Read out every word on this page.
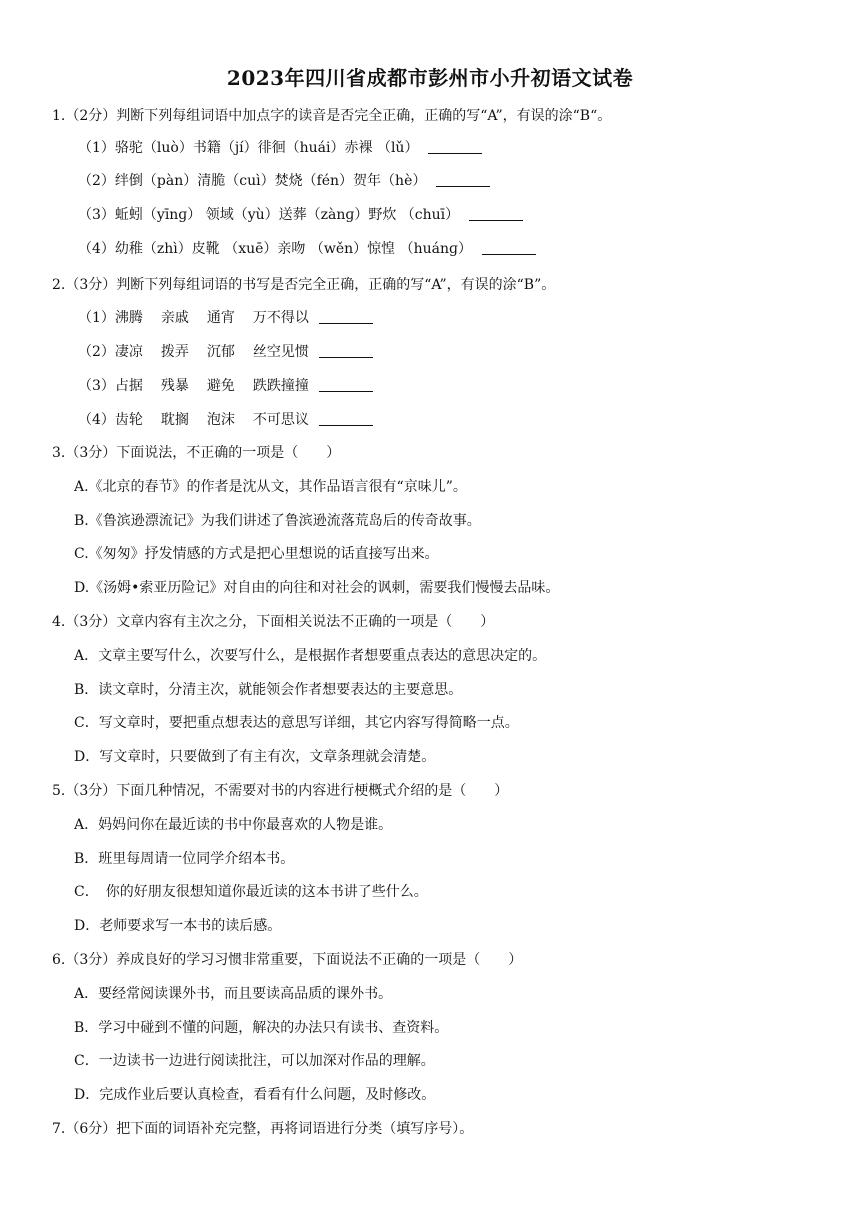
2023年四川省成都市彭州市小升初语文试卷
1.（2分）判断下列每组词语中加点字的读音是否完全正确，正确的写“A”，有误的涂“B“。
（1）骆驼（luò）书籍（jí）徘徊（huái）赤裸 （lǔ）
（2）绊倒（pàn）清脆（cuì）焚烧（fén）贺年（hè）
（3）蚯蚓（yīnɡ） 领域（yù）送葬（zànɡ）野炊 （chuī）
（4）幼稚（zhì）皮靴 （xuē）亲吻 （wěn）惊惶 （huánɡ）
2.（3分）判断下列每组词语的书写是否完全正确，正确的写“A”，有误的涂“B”。
（1）沸腾 亲戚 通宵 万不得以
（2）凄凉 拨弄 沉郁 丝空见惯
（3）占据 残暴 避免 跌跌撞撞
（4）齿轮 耽搁 泡沫 不可思议
3.（3分）下面说法，不正确的一项是（　　）
A.《北京的春节》的作者是沈从文，其作品语言很有“京味儿”。
B.《鲁滨逊漂流记》为我们讲述了鲁滨逊流落荒岛后的传奇故事。
C.《匆匆》抒发情感的方式是把心里想说的话直接写出来。
D.《汤姆•索亚历险记》对自由的向往和对社会的讽刺，需要我们慢慢去品味。
4.（3分）文章内容有主次之分，下面相关说法不正确的一项是（　　）
A．文章主要写什么，次要写什么，是根据作者想要重点表达的意思决定的。
B．读文章时，分清主次，就能领会作者想要表达的主要意思。
C．写文章时，要把重点想表达的意思写详细，其它内容写得简略一点。
D．写文章时，只要做到了有主有次，文章条理就会清楚。
5.（3分）下面几种情况，不需要对书的内容进行梗概式介绍的是（　　）
A．妈妈问你在最近读的书中你最喜欢的人物是谁。
B．班里每周请一位同学介绍本书。
C．　你的好朋友很想知道你最近读的这本书讲了些什么。
D．老师要求写一本书的读后感。
6.（3分）养成良好的学习习惯非常重要，下面说法不正确的一项是（　　）
A．要经常阅读课外书，而且要读高品质的课外书。
B．学习中碰到不懂的问题，解决的办法只有读书、查资料。
C．一边读书一边进行阅读批注，可以加深对作品的理解。
D．完成作业后要认真检查，看看有什么问题，及时修改。
7.（6分）把下面的词语补充完整，再将词语进行分类（填写序号）。
